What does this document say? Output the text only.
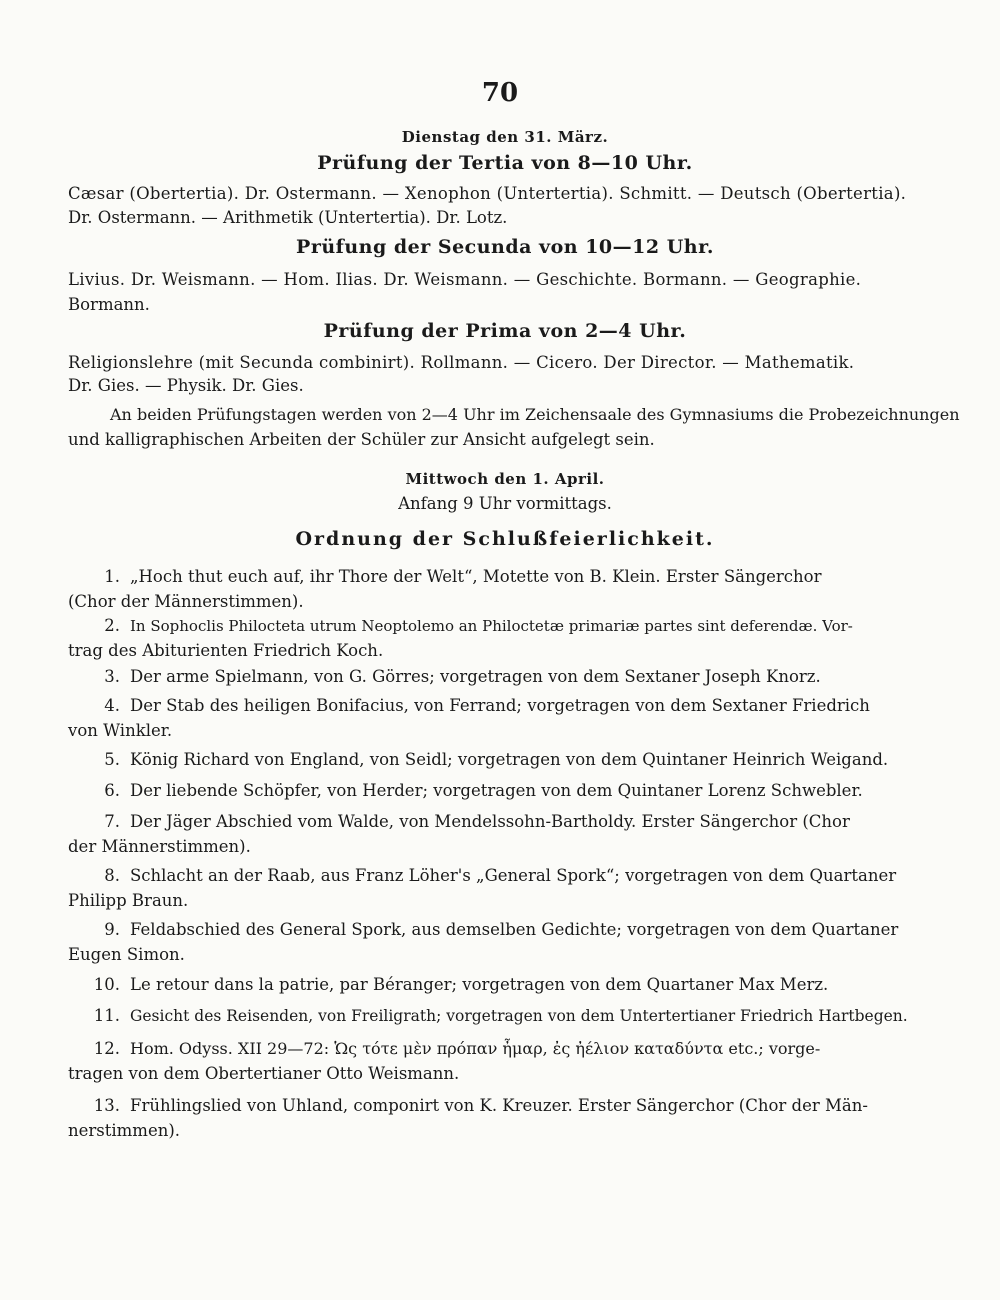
70
Dienstag den 31. März.
Prüfung der Tertia von 8—10 Uhr.
Cæsar (Obertertia). Dr. Ostermann. — Xenophon (Untertertia). Schmitt. — Deutsch (Obertertia).
Dr. Ostermann. — Arithmetik (Untertertia). Dr. Lotz.
Prüfung der Secunda von 10—12 Uhr.
Livius. Dr. Weismann. — Hom. Ilias. Dr. Weismann. — Geschichte. Bormann. — Geographie.
Bormann.
Prüfung der Prima von 2—4 Uhr.
Religionslehre (mit Secunda combinirt). Rollmann. — Cicero. Der Director. — Mathematik.
Dr. Gies. — Physik. Dr. Gies.
An beiden Prüfungstagen werden von 2—4 Uhr im Zeichensaale des Gymnasiums die Probezeichnungen
und kalligraphischen Arbeiten der Schüler zur Ansicht aufgelegt sein.
Mittwoch den 1. April.
Anfang 9 Uhr vormittags.
Ordnung der Schlußfeierlichkeit.
1. „Hoch thut euch auf, ihr Thore der Welt“, Motette von B. Klein. Erster Sängerchor
(Chor der Männerstimmen).
2. In Sophoclis Philocteta utrum Neoptolemo an Philoctetæ primariæ partes sint deferendæ. Vor-
trag des Abiturienten Friedrich Koch.
3. Der arme Spielmann, von G. Görres; vorgetragen von dem Sextaner Joseph Knorz.
4. Der Stab des heiligen Bonifacius, von Ferrand; vorgetragen von dem Sextaner Friedrich
von Winkler.
5. König Richard von England, von Seidl; vorgetragen von dem Quintaner Heinrich Weigand.
6. Der liebende Schöpfer, von Herder; vorgetragen von dem Quintaner Lorenz Schwebler.
7. Der Jäger Abschied vom Walde, von Mendelssohn-Bartholdy. Erster Sängerchor (Chor
der Männerstimmen).
8. Schlacht an der Raab, aus Franz Löher's „General Spork“; vorgetragen von dem Quartaner
Philipp Braun.
9. Feldabschied des General Spork, aus demselben Gedichte; vorgetragen von dem Quartaner
Eugen Simon.
10. Le retour dans la patrie, par Béranger; vorgetragen von dem Quartaner Max Merz.
11. Gesicht des Reisenden, von Freiligrath; vorgetragen von dem Untertertianer Friedrich Hartbegen.
12. Hom. Odyss. XII 29—72: Ὡς τότε μὲν πρόπαν ἦμαρ, ἐς ἠέλιον καταδύντα etc.; vorge-
tragen von dem Obertertianer Otto Weismann.
13. Frühlingslied von Uhland, componirt von K. Kreuzer. Erster Sängerchor (Chor der Män-
nerstimmen).
